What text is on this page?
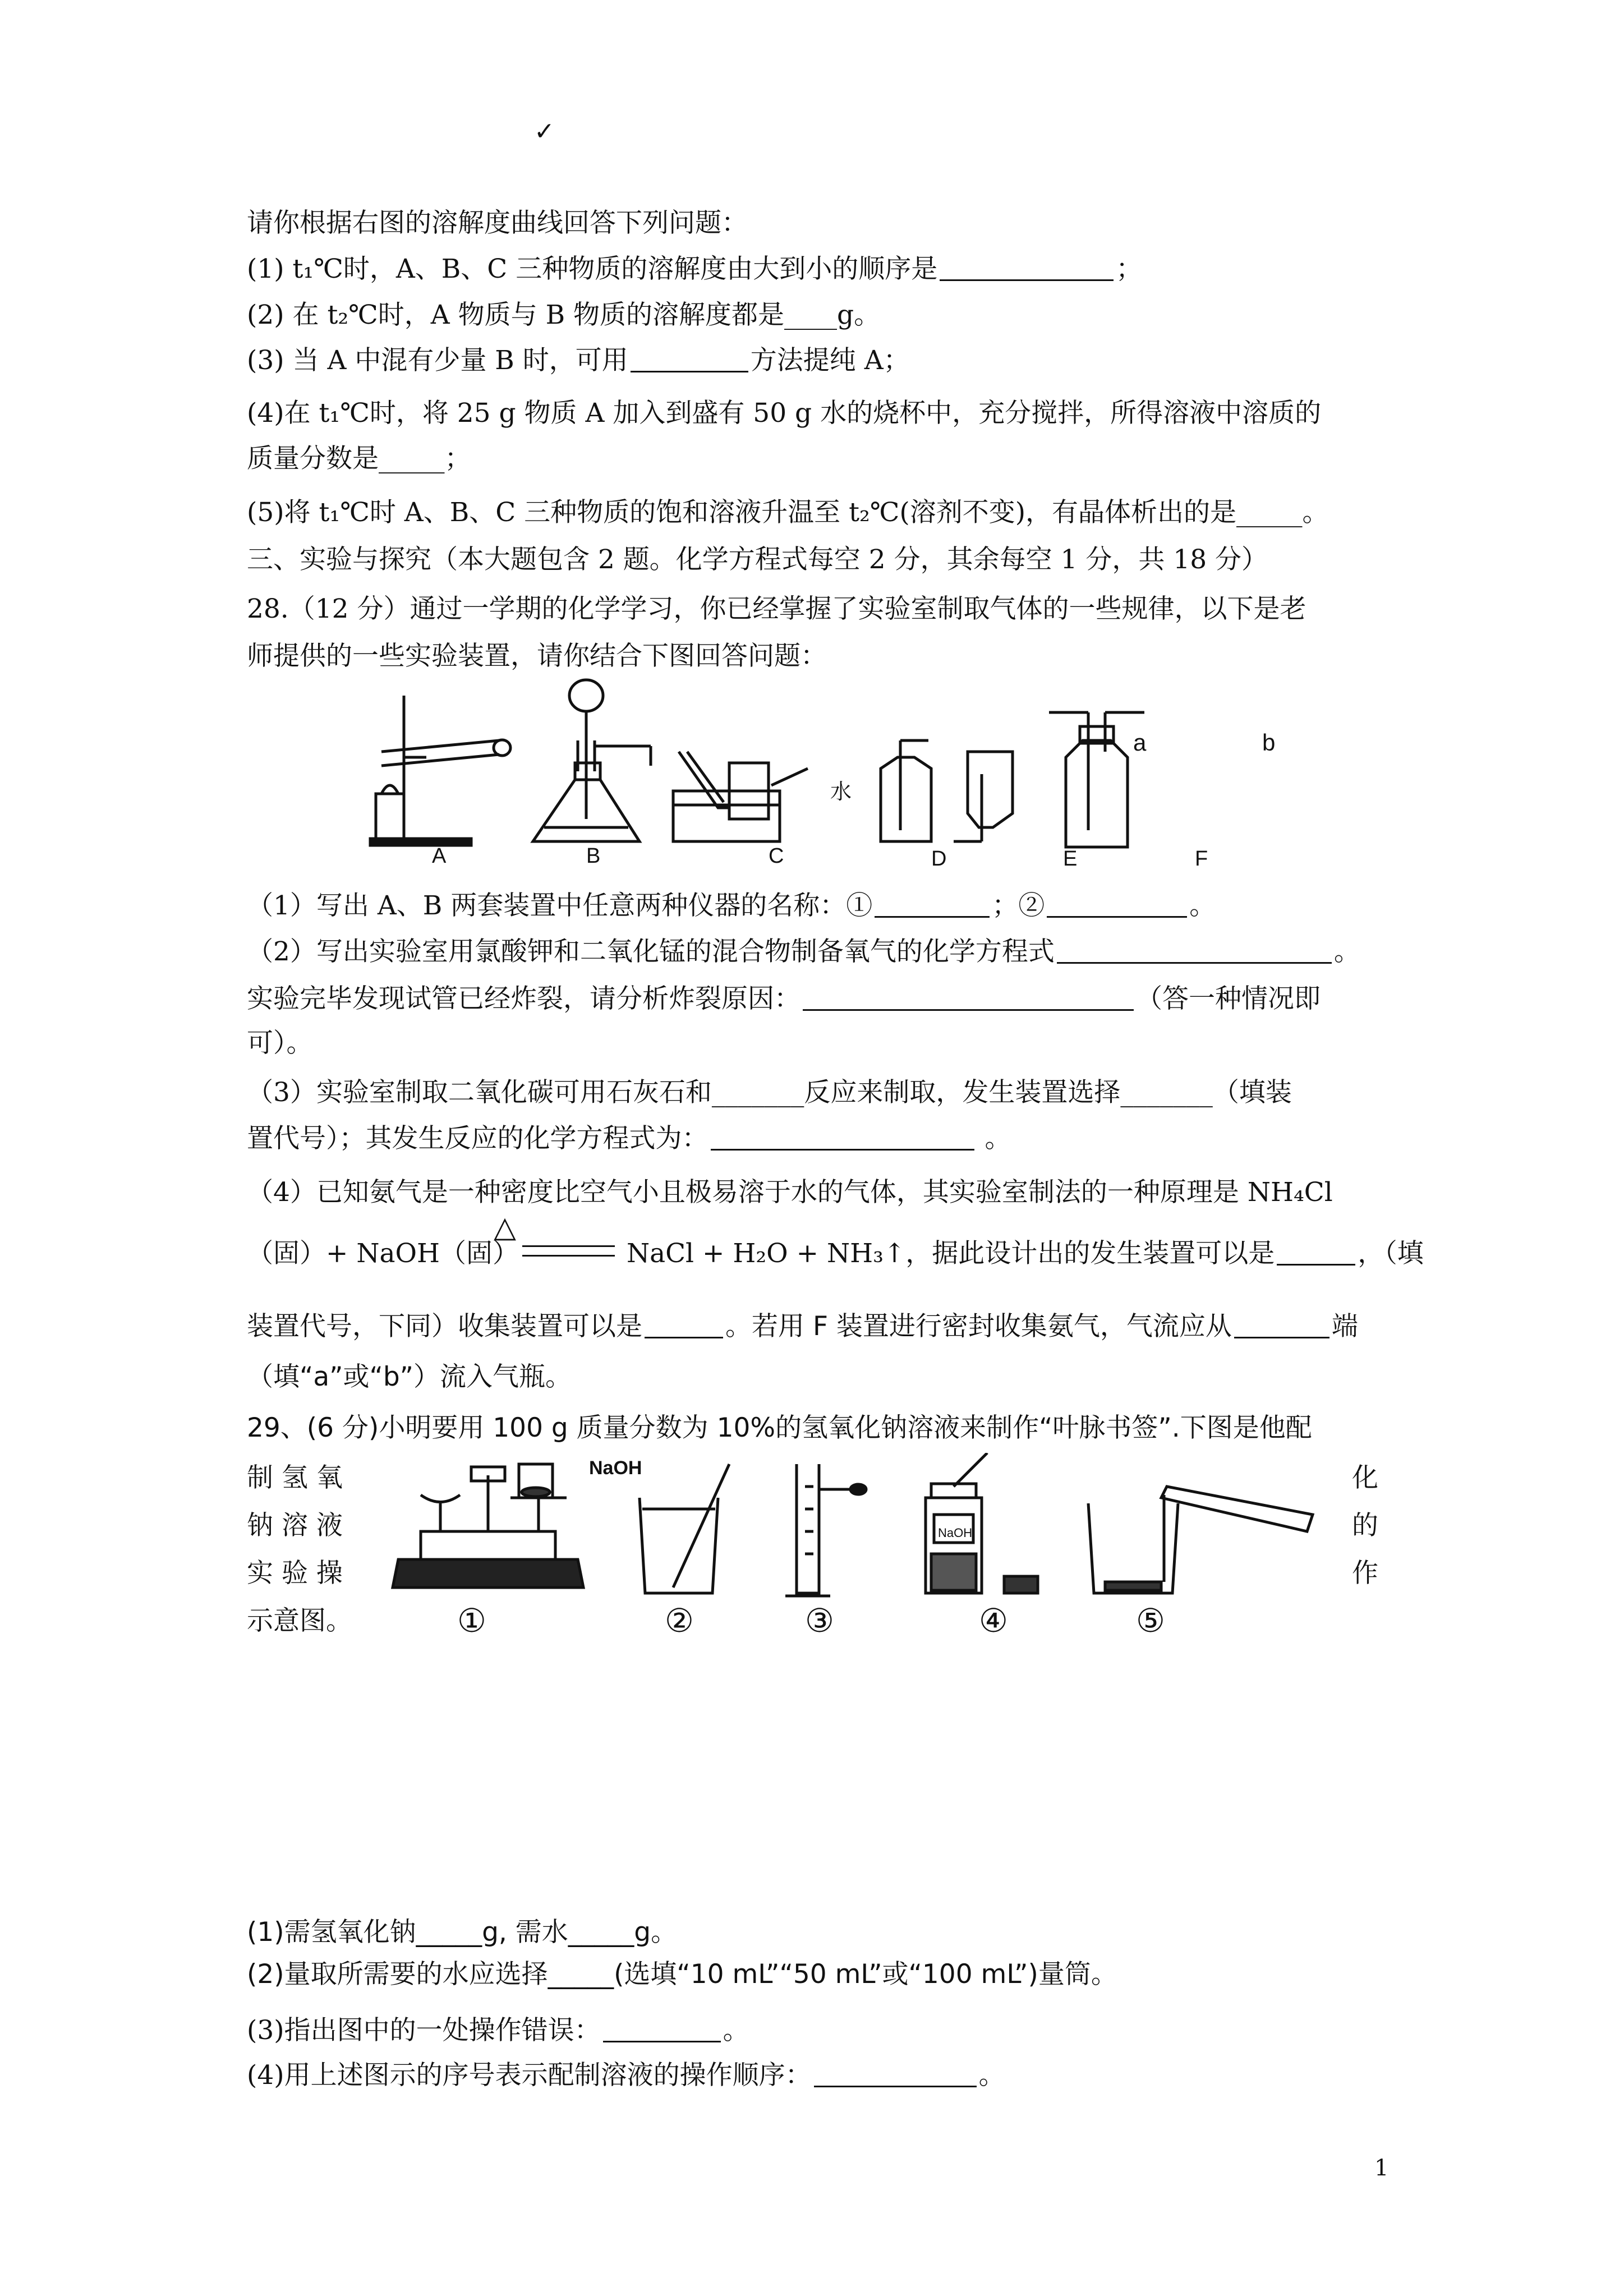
✓
请你根据右图的溶解度曲线回答下列问题：
(1) t₁℃时，A、B、C 三种物质的溶解度由大到小的顺序是	；
(2) 在 t₂℃时，A 物质与 B 物质的溶解度都是____g。
(3) 当 A 中混有少量 B 时，可用	方法提纯 A；
(4)在 t₁℃时，将 25 g 物质 A 加入到盛有 50 g 水的烧杯中，充分搅拌，所得溶液中溶质的
质量分数是_____；
(5)将 t₁℃时 A、B、C 三种物质的饱和溶液升温至 t₂℃(溶剂不变)，有晶体析出的是_____。
三、实验与探究（本大题包含 2 题。化学方程式每空 2 分，其余每空 1 分，共 18 分）
28.（12 分）通过一学期的化学学习，你已经掌握了实验室制取气体的一些规律，以下是老
师提供的一些实验装置，请你结合下图回答问题：
a	b
水
A	B	C	D	E	F
（1）写出 A、B 两套装置中任意两种仪器的名称：①	；②	。
（2）写出实验室用氯酸钾和二氧化锰的混合物制备氧气的化学方程式	。
实验完毕发现试管已经炸裂，请分析炸裂原因：	（答一种情况即
可）。
（3）实验室制取二氧化碳可用石灰石和_______反应来制取，发生装置选择_______（填装
置代号）；其发生反应的化学方程式为：	。
（4）已知氨气是一种密度比空气小且极易溶于水的气体，其实验室制法的一种原理是 NH₄Cl
△
（固）+ NaOH（固）	NaCl + H₂O + NH₃↑，据此设计出的发生装置可以是	，（填
装置代号，下同）收集装置可以是	。若用 F 装置进行密封收集氨气，气流应从	端
（填“a”或“b”）流入气瓶。
29、(6 分)小明要用 100 g 质量分数为 10%的氢氧化钠溶液来制作“叶脉书签”.下图是他配
制 氢 氧
钠 溶 液
实 验 操
示意图。
化
的
作
NaOH
NaOH
①	②	③	④	⑤
(1)需氢氧化钠_____g, 需水_____g。
(2)量取所需要的水应选择_____(选填“10 mL”“50 mL”或“100 mL”)量筒。
(3)指出图中的一处操作错误：	。
(4)用上述图示的序号表示配制溶液的操作顺序：	。
1
